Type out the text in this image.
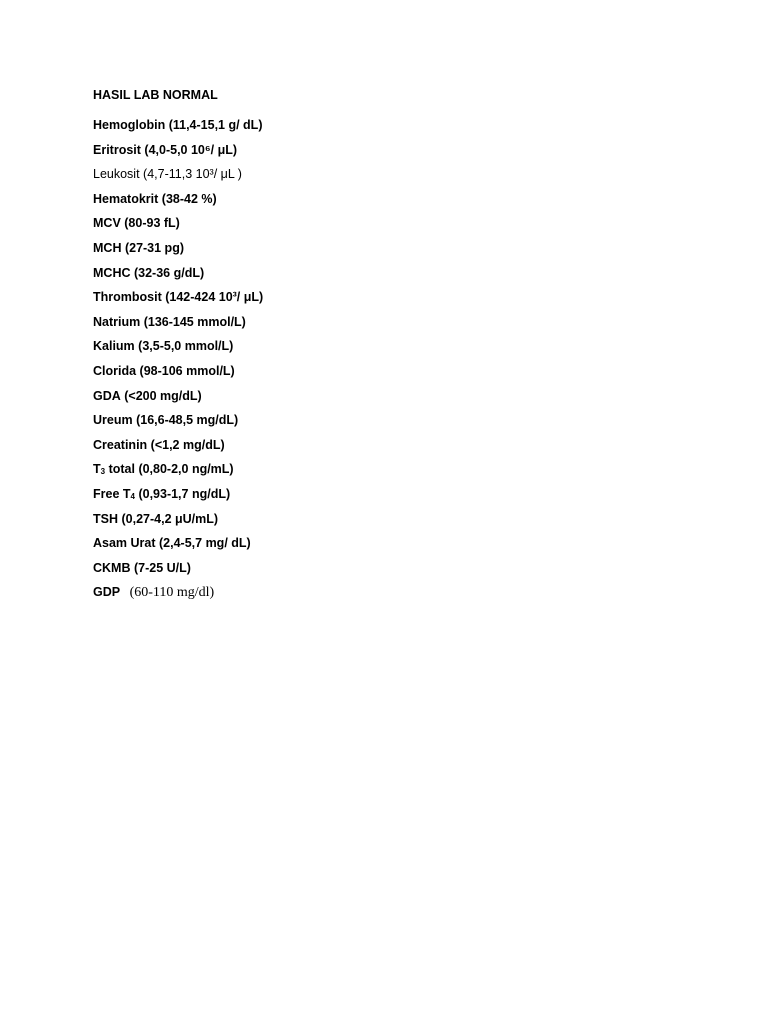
HASIL LAB NORMAL
Hemoglobin (11,4-15,1 g/ dL)
Eritrosit (4,0-5,0 10⁶/ μL)
Leukosit (4,7-11,3 10³/ μL )
Hematokrit (38-42 %)
MCV (80-93 fL)
MCH (27-31 pg)
MCHC (32-36 g/dL)
Thrombosit (142-424 10³/ μL)
Natrium (136-145 mmol/L)
Kalium (3,5-5,0 mmol/L)
Clorida (98-106 mmol/L)
GDA (<200 mg/dL)
Ureum (16,6-48,5 mg/dL)
Creatinin (<1,2 mg/dL)
T3 total (0,80-2,0 ng/mL)
Free T4 (0,93-1,7 ng/dL)
TSH (0,27-4,2 μU/mL)
Asam Urat (2,4-5,7 mg/ dL)
CKMB (7-25 U/L)
GDP (60-110 mg/dl)
